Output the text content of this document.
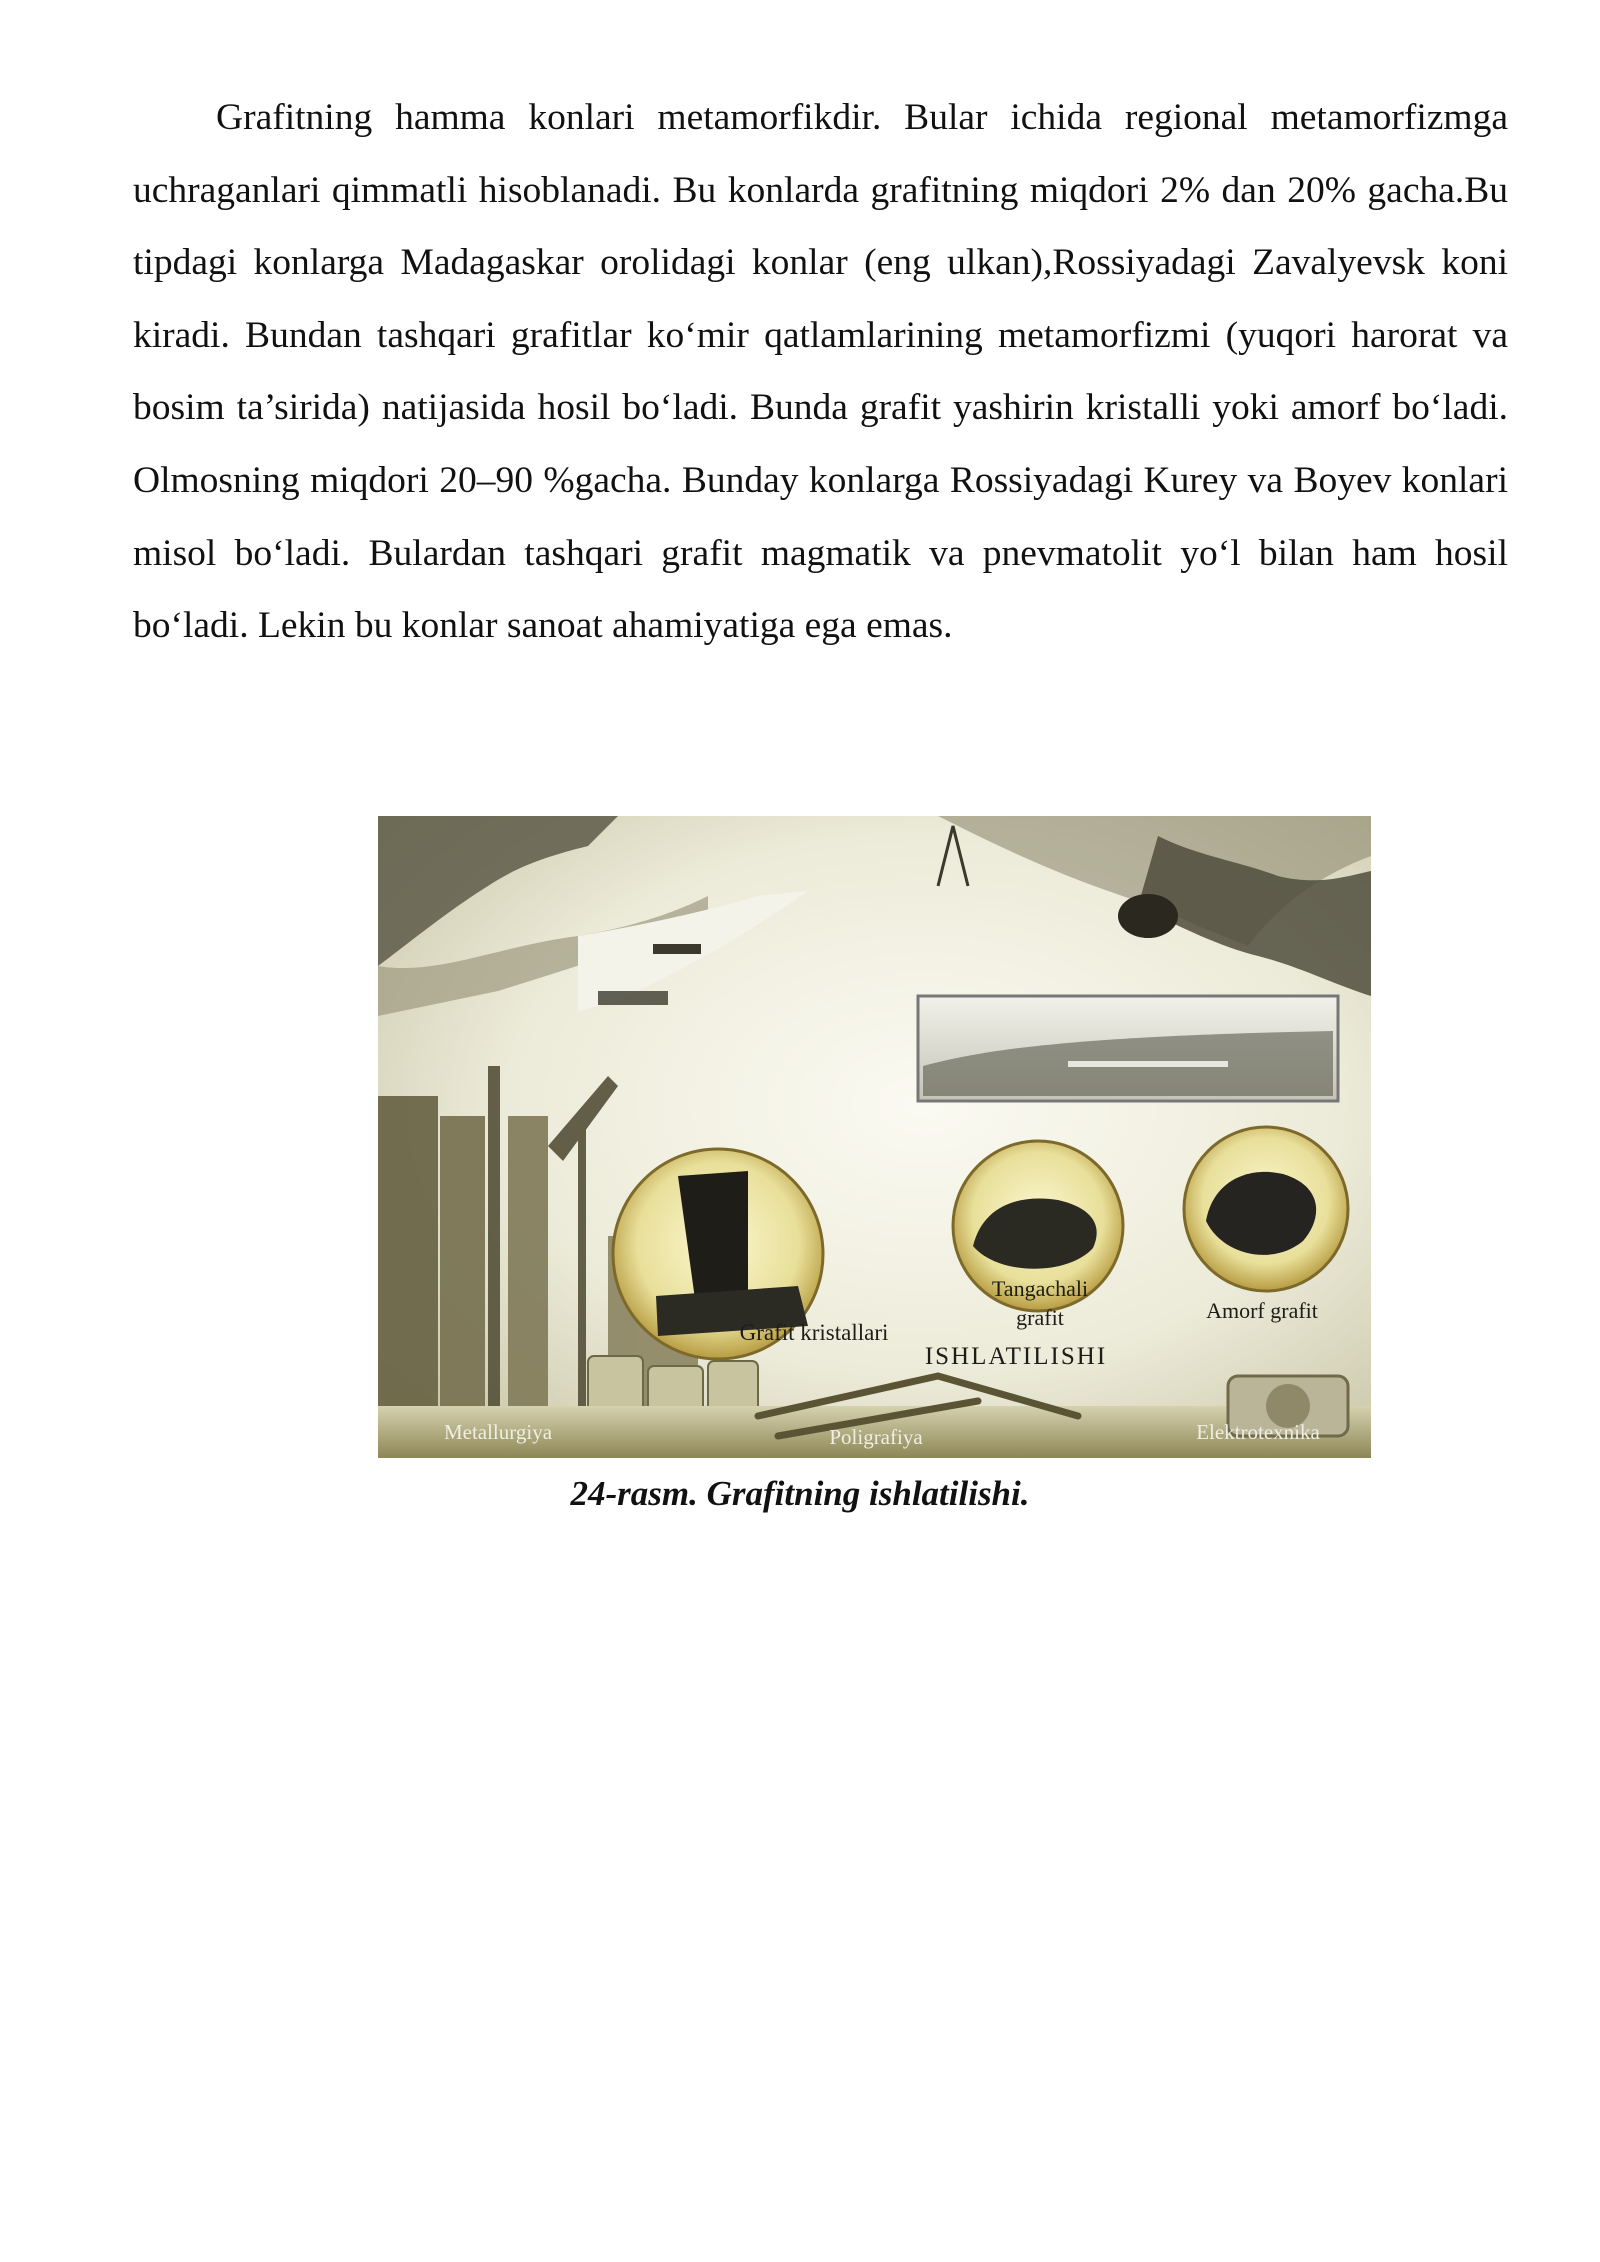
Grafitning hamma konlari metamorfikdir. Bular ichida regional metamorfizmga uchraganlari qimmatli hisoblanadi. Bu konlarda grafitning miqdori 2% dan 20% gacha.Bu tipdagi konlarga Madagaskar orolidagi konlar (eng ulkan),Rossiyadagi Zavalyevsk koni kiradi. Bundan tashqari grafitlar ko‘mir qatlamlarining metamorfizmi (yuqori harorat va bosim ta’sirida) natijasida hosil bo‘ladi. Bunda grafit yashirin kristalli yoki amorf bo‘ladi. Olmosning miqdori 20–90 %gacha. Bunday konlarga Rossiyadagi Kurey va Boyev konlari misol bo‘ladi. Bulardan tashqari grafit magmatik va pnevmatolit yo‘l bilan ham hosil bo‘ladi. Lekin bu konlar sanoat ahamiyatiga ega emas.

Grafit kristallari
Tangachali
grafit	Amorf grafit
ISHLATILISHI
Metallurgiya	Poligrafiya	Elektrotexnika

24-rasm. Grafitning ishlatilishi.
